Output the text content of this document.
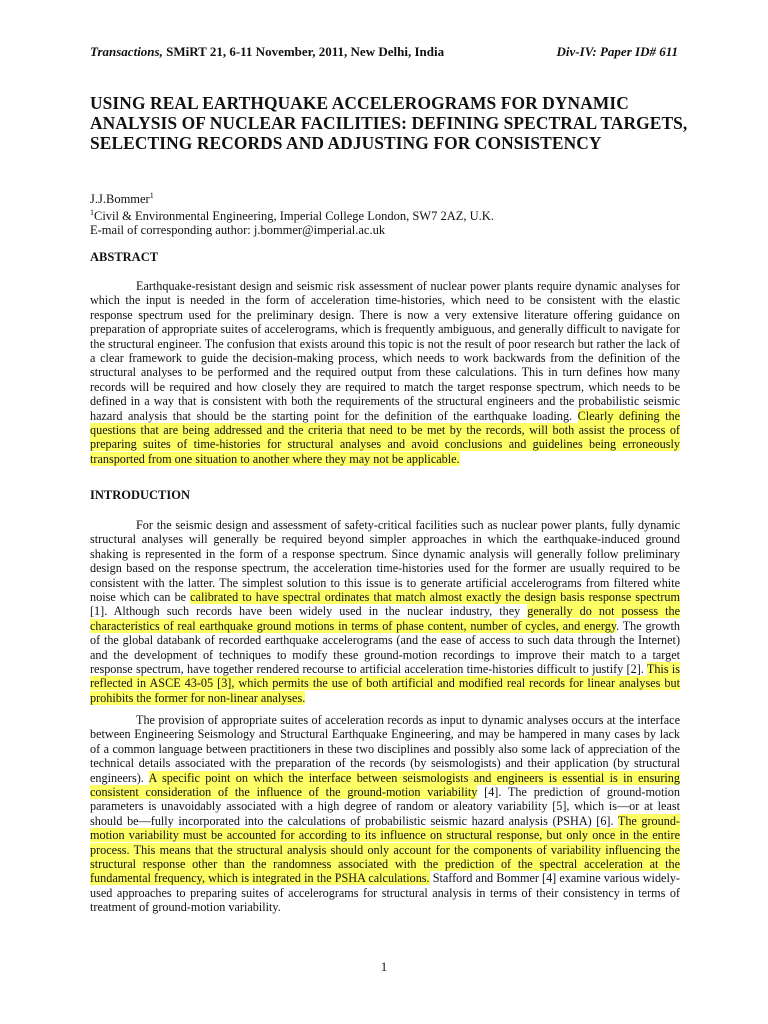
Transactions, SMiRT 21, 6-11 November, 2011, New Delhi, India	Div-IV: Paper ID# 611
USING REAL EARTHQUAKE ACCELEROGRAMS FOR DYNAMIC ANALYSIS OF NUCLEAR FACILITIES: DEFINING SPECTRAL TARGETS, SELECTING RECORDS AND ADJUSTING FOR CONSISTENCY
J.J.Bommer$^1$
$^1$Civil & Environmental Engineering, Imperial College London, SW7 2AZ, U.K.
E-mail of corresponding author: j.bommer@imperial.ac.uk
ABSTRACT
Earthquake-resistant design and seismic risk assessment of nuclear power plants require dynamic analyses for which the input is needed in the form of acceleration time-histories, which need to be consistent with the elastic response spectrum used for the preliminary design. There is now a very extensive literature offering guidance on preparation of appropriate suites of accelerograms, which is frequently ambiguous, and generally difficult to navigate for the structural engineer. The confusion that exists around this topic is not the result of poor research but rather the lack of a clear framework to guide the decision-making process, which needs to work backwards from the definition of the structural analyses to be performed and the required output from these calculations. This in turn defines how many records will be required and how closely they are required to match the target response spectrum, which needs to be defined in a way that is consistent with both the requirements of the structural engineers and the probabilistic seismic hazard analysis that should be the starting point for the definition of the earthquake loading. Clearly defining the questions that are being addressed and the criteria that need to be met by the records, will both assist the process of preparing suites of time-histories for structural analyses and avoid conclusions and guidelines being erroneously transported from one situation to another where they may not be applicable.
INTRODUCTION
For the seismic design and assessment of safety-critical facilities such as nuclear power plants, fully dynamic structural analyses will generally be required beyond simpler approaches in which the earthquake-induced ground shaking is represented in the form of a response spectrum. Since dynamic analysis will generally follow preliminary design based on the response spectrum, the acceleration time-histories used for the former are usually required to be consistent with the latter. The simplest solution to this issue is to generate artificial accelerograms from filtered white noise which can be calibrated to have spectral ordinates that match almost exactly the design basis response spectrum [1]. Although such records have been widely used in the nuclear industry, they generally do not possess the characteristics of real earthquake ground motions in terms of phase content, number of cycles, and energy. The growth of the global databank of recorded earthquake accelerograms (and the ease of access to such data through the Internet) and the development of techniques to modify these ground-motion recordings to improve their match to a target response spectrum, have together rendered recourse to artificial acceleration time-histories difficult to justify [2]. This is reflected in ASCE 43-05 [3], which permits the use of both artificial and modified real records for linear analyses but prohibits the former for non-linear analyses.
The provision of appropriate suites of acceleration records as input to dynamic analyses occurs at the interface between Engineering Seismology and Structural Earthquake Engineering, and may be hampered in many cases by lack of a common language between practitioners in these two disciplines and possibly also some lack of appreciation of the technical details associated with the preparation of the records (by seismologists) and their application (by structural engineers). A specific point on which the interface between seismologists and engineers is essential is in ensuring consistent consideration of the influence of the ground-motion variability [4]. The prediction of ground-motion parameters is unavoidably associated with a high degree of random or aleatory variability [5], which is—or at least should be—fully incorporated into the calculations of probabilistic seismic hazard analysis (PSHA) [6]. The ground-motion variability must be accounted for according to its influence on structural response, but only once in the entire process. This means that the structural analysis should only account for the components of variability influencing the structural response other than the randomness associated with the prediction of the spectral acceleration at the fundamental frequency, which is integrated in the PSHA calculations. Stafford and Bommer [4] examine various widely-used approaches to preparing suites of accelerograms for structural analysis in terms of their consistency in terms of treatment of ground-motion variability.
1
